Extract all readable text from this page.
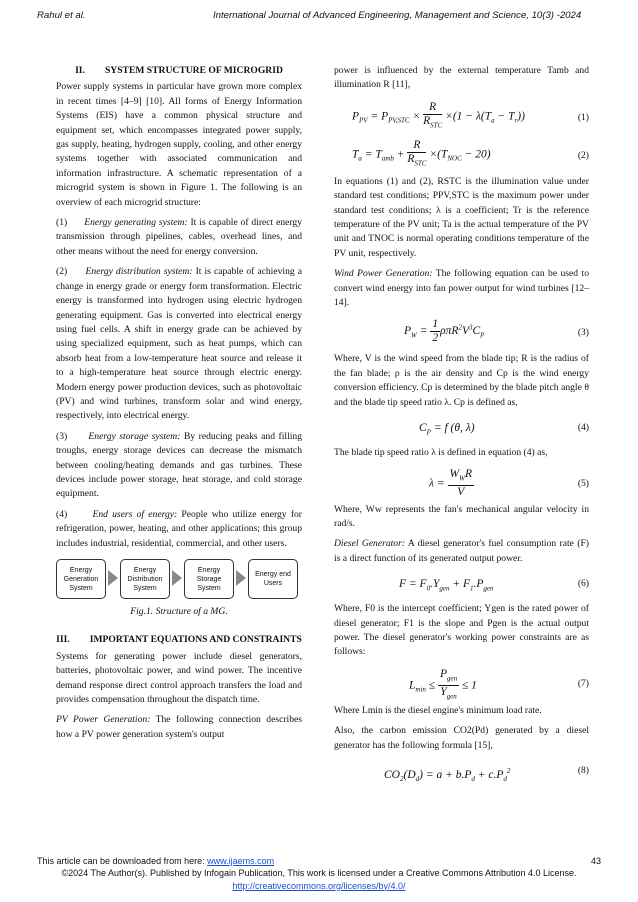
Rahul et al.	International Journal of Advanced Engineering, Management and Science, 10(3) -2024
II. SYSTEM STRUCTURE OF MICROGRID

Power supply systems in particular have grown more complex in recent times [4–9] [10]. All forms of Energy Information Systems (EIS) have a common physical structure and equipment set, which encompasses integrated power supply, gas supply, heating, hydrogen supply, cooling, and other energy systems together with associated communication and information infrastructure. A schematic representation of a microgrid system is shown in Figure 1. The following is an overview of each microgrid structure:

(1) Energy generating system: It is capable of direct energy transmission through pipelines, cables, overhead lines, and other means without the need for energy conversion.

(2) Energy distribution system: It is capable of achieving a change in energy grade or energy form transformation. Electric energy is transformed into hydrogen using electric hydrogen generating equipment. Gas is converted into electrical energy using fuel cells. A shift in energy grade can be achieved by using specialized equipment, such as heat pumps, which can absorb heat from a low-temperature heat source and release it to a high-temperature heat source through electric energy. Modern energy power production devices, such as photovoltaic (PV) and wind turbines, transform solar and wind energy, respectively, into electrical energy.

(3) Energy storage system: By reducing peaks and filling troughs, energy storage devices can decrease the mismatch between cooling/heating demands and gas turbines. These devices include power storage, heat storage, and cold storage equipment.

(4)	End users of energy: People who utilize energy for refrigeration, power, heating, and other applications; this group includes industrial, residential, commercial, and other users.

Energy Generation System
Energy Distribution System
Energy Storage System
Energy end Users
Fig.1. Structure of a MG.
III. IMPORTANT EQUATIONS AND CONSTRAINTS

Systems for generating power include diesel generators, batteries, photovoltaic power, and wind power. The incentive demand response direct control approach transfers the load and provides compensation throughout the dispatch time.

PV Power Generation: The following connection describes how a PV power generation system's output

power is influenced by the external temperature Tamb and illumination R [11],

$P_{PV} = P_{PV,STC} \times \frac{R}{R_{STC}} \times(1 - \lambda(T_a - T_r))$	(1)
$T_a = T_{amb} + \frac{R}{R_{STC}} \times(T_{NOC} - 20)$	(2)

In equations (1) and (2), RSTC is the illumination value under standard test conditions; PPV,STC is the maximum power under standard test conditions; λ is a coefficient; Tr is the reference temperature of the PV unit; Ta is the actual temperature of the PV unit and TNOC is normal operating conditions temperature of the PV unit, respectively.

Wind Power Generation: The following equation can be used to convert wind energy into fan power output for wind turbines [12–14].

$P_W = \frac{1}{2} \rho\pi R^2V^3C_P$	(3)

Where, V is the wind speed from the blade tip; R is the radius of the fan blade; ρ is the air density and Cp is the wind energy conversion efficiency. Cp is determined by the blade pitch angle θ and the blade tip speed ratio λ. Cp is defined as,

$C_P = f$ (θ, λ)	(4)

The blade tip speed ratio λ is defined in equation (4) as,

$\lambda = \frac{W_WR}{V}$	(5)

Where, Ww represents the fan's mechanical angular velocity in rad/s.

Diesel Generator: A diesel generator's fuel consumption rate (F) is a direct function of its generated output power.

$F = F_0.Y_{gen} + F_1.P_{gen}$	(6)

Where, F0 is the intercept coefficient; Ygen is the rated power of diesel generator; F1 is the slope and Pgen is the actual output power. The diesel generator's working power constraints are as follows:

$L_{min} \le \frac{P_{gen}}{Y_{gen}} \le 1$	(7)

Where Lmin is the diesel engine's minimum load rate.

Also, the carbon emission CO2(Pd) generated by a diesel generator has the following formula [15],

$CO_2(D_d) = a + b.P_d + c.P_d^2$	(8)
This article can be downloaded from here: www.ijaems.com	43
©2024 The Author(s). Published by Infogain Publication, This work is licensed under a Creative Commons Attribution 4.0 License.
http://creativecommons.org/licenses/by/4.0/
